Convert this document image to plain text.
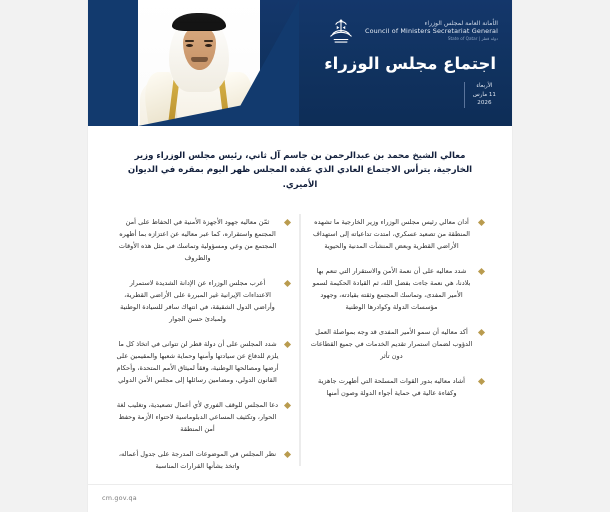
الأمانة العامة لمجلس الوزراء
Council of Ministers Secretariat General
دولة قطر | State of Qatar
اجتماع مجلس الوزراء
الأربعاء
11 مارس
2026

معالي الشيخ محمد بن عبدالرحمن بن جاسم آل ثاني، رئيس مجلس الوزراء وزير الخارجية، يترأس الاجتماع العادي الذي عقده المجلس ظهر اليوم بمقره في الديوان الأميري.

أدان معالي رئيس مجلس الوزراء وزير الخارجية ما تشهده المنطقة من تصعيد عسكري، امتدت تداعياته إلى استهداف الأراضي القطرية وبعض المنشآت المدنية والحيوية
شدد معاليه على أن نعمة الأمن والاستقرار التي تنعم بها بلادنا، هي نعمة جاءت بفضل الله، ثم القيادة الحكيمة لسمو الأمير المفدى، وتماسك المجتمع وثقته بقيادته، وجهود مؤسسات الدولة وكوادرها الوطنية
أكد معاليه أن سمو الأمير المفدى قد وجه بمواصلة العمل الدؤوب لضمان استمرار تقديم الخدمات في جميع القطاعات دون تأثر
أشاد معاليه بدور القوات المسلحة التي أظهرت جاهزية وكفاءة عالية في حماية أجواء الدولة وصون أمنها
ثمّن معاليه جهود الأجهزة الأمنية في الحفاظ على أمن المجتمع واستقراره، كما عبر معاليه عن اعتزازه بما أظهره المجتمع من وعي ومسؤولية وتماسك في مثل هذه الأوقات والظروف
أعرب مجلس الوزراء عن الإدانة الشديدة لاستمرار الاعتداءات الإيرانية غير المبررة على الأراضي القطرية، وأراضي الدول الشقيقة، في انتهاك سافر للسيادة الوطنية ولمبادئ حسن الجوار
شدد المجلس على أن دولة قطر لن تتوانى في اتخاذ كل ما يلزم للدفاع عن سيادتها وأمنها وحماية شعبها والمقيمين على أرضها ومصالحها الوطنية، وفقاً لميثاق الأمم المتحدة، وأحكام القانون الدولي، ومضامين رسائلها إلى مجلس الأمن الدولي
دعا المجلس للوقف الفوري لأي أعمال تصعيدية، وتغليب لغة الحوار، وتكثيف المساعي الدبلوماسية لاحتواء الأزمة وحفظ أمن المنطقة
نظر المجلس في الموضوعات المدرجة على جدول أعماله، واتخذ بشأنها القرارات المناسبة
cm.gov.qa
